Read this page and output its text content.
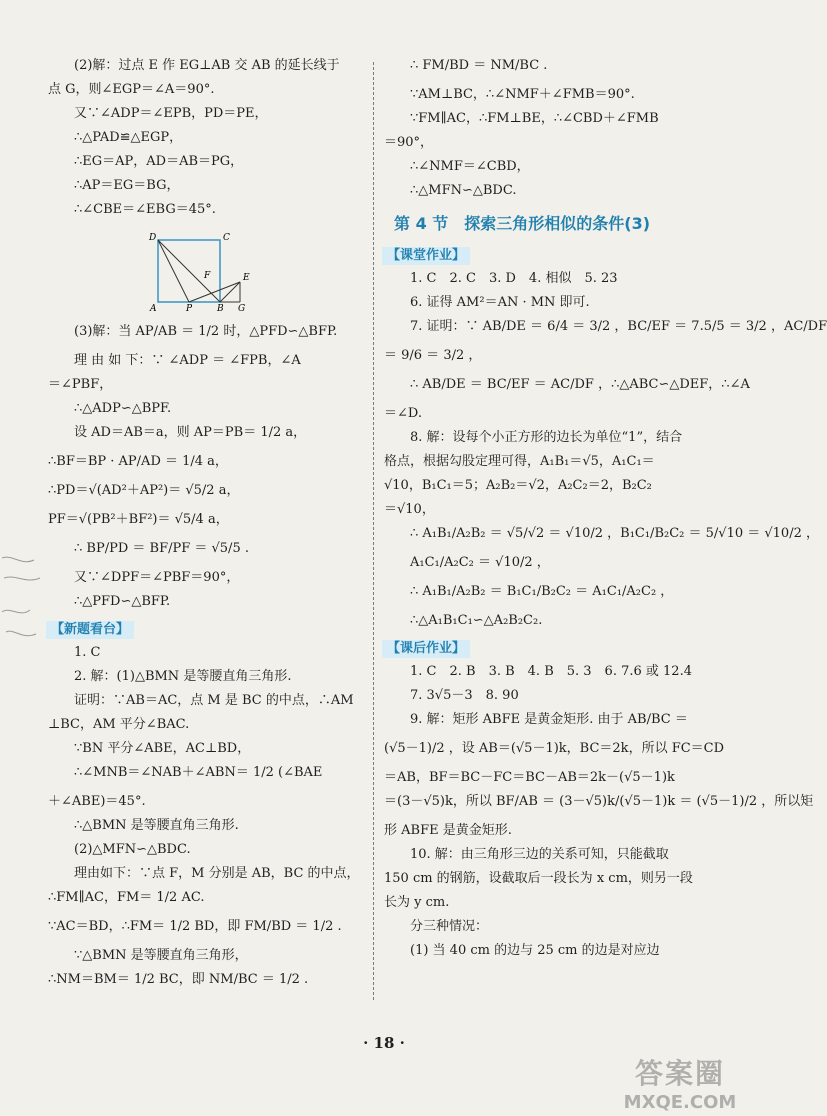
(2)解：过点 E 作 EG⊥AB 交 AB 的延长线于
点 G，则∠EGP＝∠A＝90°.
又∵∠ADP＝∠EPB，PD＝PE，
∴△PAD≌△EGP，
∴EG＝AP，AD＝AB＝PG，
∴AP＝EG＝BG，
∴∠CBE＝∠EBG＝45°.
D	C
F	E
A	P	B G
(3)解：当 AP/AB ＝ 1/2 时，△PFD∽△BFP.
理 由 如 下：∵ ∠ADP ＝ ∠FPB，∠A
＝∠PBF，
∴△ADP∽△BPF.
设 AD＝AB＝a，则 AP＝PB＝ 1/2 a，
∴BF＝BP · AP/AD ＝ 1/4 a，
∴PD＝√(AD²＋AP²)＝ √5/2 a，
PF＝√(PB²＋BF²)＝ √5/4 a，
∴ BP/PD ＝ BF/PF ＝ √5/5 .
又∵∠DPF＝∠PBF＝90°，
∴△PFD∽△BFP.
【新题看台】
1. C
2. 解：(1)△BMN 是等腰直角三角形.
证明：∵AB＝AC，点 M 是 BC 的中点，∴AM
⊥BC，AM 平分∠BAC.
∵BN 平分∠ABE，AC⊥BD，
∴∠MNB＝∠NAB＋∠ABN＝ 1/2 (∠BAE
＋∠ABE)＝45°.
∴△BMN 是等腰直角三角形.
(2)△MFN∽△BDC.
理由如下：∵点 F，M 分别是 AB，BC 的中点，
∴FM∥AC，FM＝ 1/2 AC.
∵AC＝BD，∴FM＝ 1/2 BD，即 FM/BD ＝ 1/2 .
∵△BMN 是等腰直角三角形，
∴NM＝BM＝ 1/2 BC，即 NM/BC ＝ 1/2 .
∴ FM/BD ＝ NM/BC .
∵AM⊥BC，∴∠NMF＋∠FMB＝90°.
∵FM∥AC，∴FM⊥BE，∴∠CBD＋∠FMB
＝90°，
∴∠NMF＝∠CBD，
∴△MFN∽△BDC.
第 4 节　探索三角形相似的条件(3)
【课堂作业】
1. C　2. C　3. D　4. 相似　5. 23
6. 证得 AM²＝AN · MN 即可.
7. 证明：∵ AB/DE ＝ 6/4 ＝ 3/2 ，BC/EF ＝ 7.5/5 ＝ 3/2 ，AC/DF
＝ 9/6 ＝ 3/2 ，
∴ AB/DE ＝ BC/EF ＝ AC/DF ，∴△ABC∽△DEF，∴∠A
＝∠D.
8. 解：设每个小正方形的边长为单位“1”，结合
格点，根据勾股定理可得，A₁B₁＝√5，A₁C₁＝
√10，B₁C₁＝5；A₂B₂＝√2，A₂C₂＝2，B₂C₂
＝√10，
∴ A₁B₁/A₂B₂ ＝ √5/√2 ＝ √10/2 ，B₁C₁/B₂C₂ ＝ 5/√10 ＝ √10/2 ，
A₁C₁/A₂C₂ ＝ √10/2 ，
∴ A₁B₁/A₂B₂ ＝ B₁C₁/B₂C₂ ＝ A₁C₁/A₂C₂ ，
∴△A₁B₁C₁∽△A₂B₂C₂.
【课后作业】
1. C　2. B　3. B　4. B　5. 3　6. 7.6 或 12.4
7. 3√5－3　8. 90
9. 解：矩形 ABFE 是黄金矩形. 由于 AB/BC ＝
(√5－1)/2 ，设 AB＝(√5－1)k，BC＝2k，所以 FC＝CD
＝AB，BF＝BC－FC＝BC－AB＝2k－(√5－1)k
＝(3－√5)k，所以 BF/AB ＝ (3－√5)k/(√5－1)k ＝ (√5－1)/2 ，所以矩
形 ABFE 是黄金矩形.
10. 解：由三角形三边的关系可知，只能截取
150 cm 的钢筋，设截取后一段长为 x cm，则另一段
长为 y cm.
分三种情况：
(1) 当 40 cm 的边与 25 cm 的边是对应边
· 18 ·
答案圈
MXQE.COM
